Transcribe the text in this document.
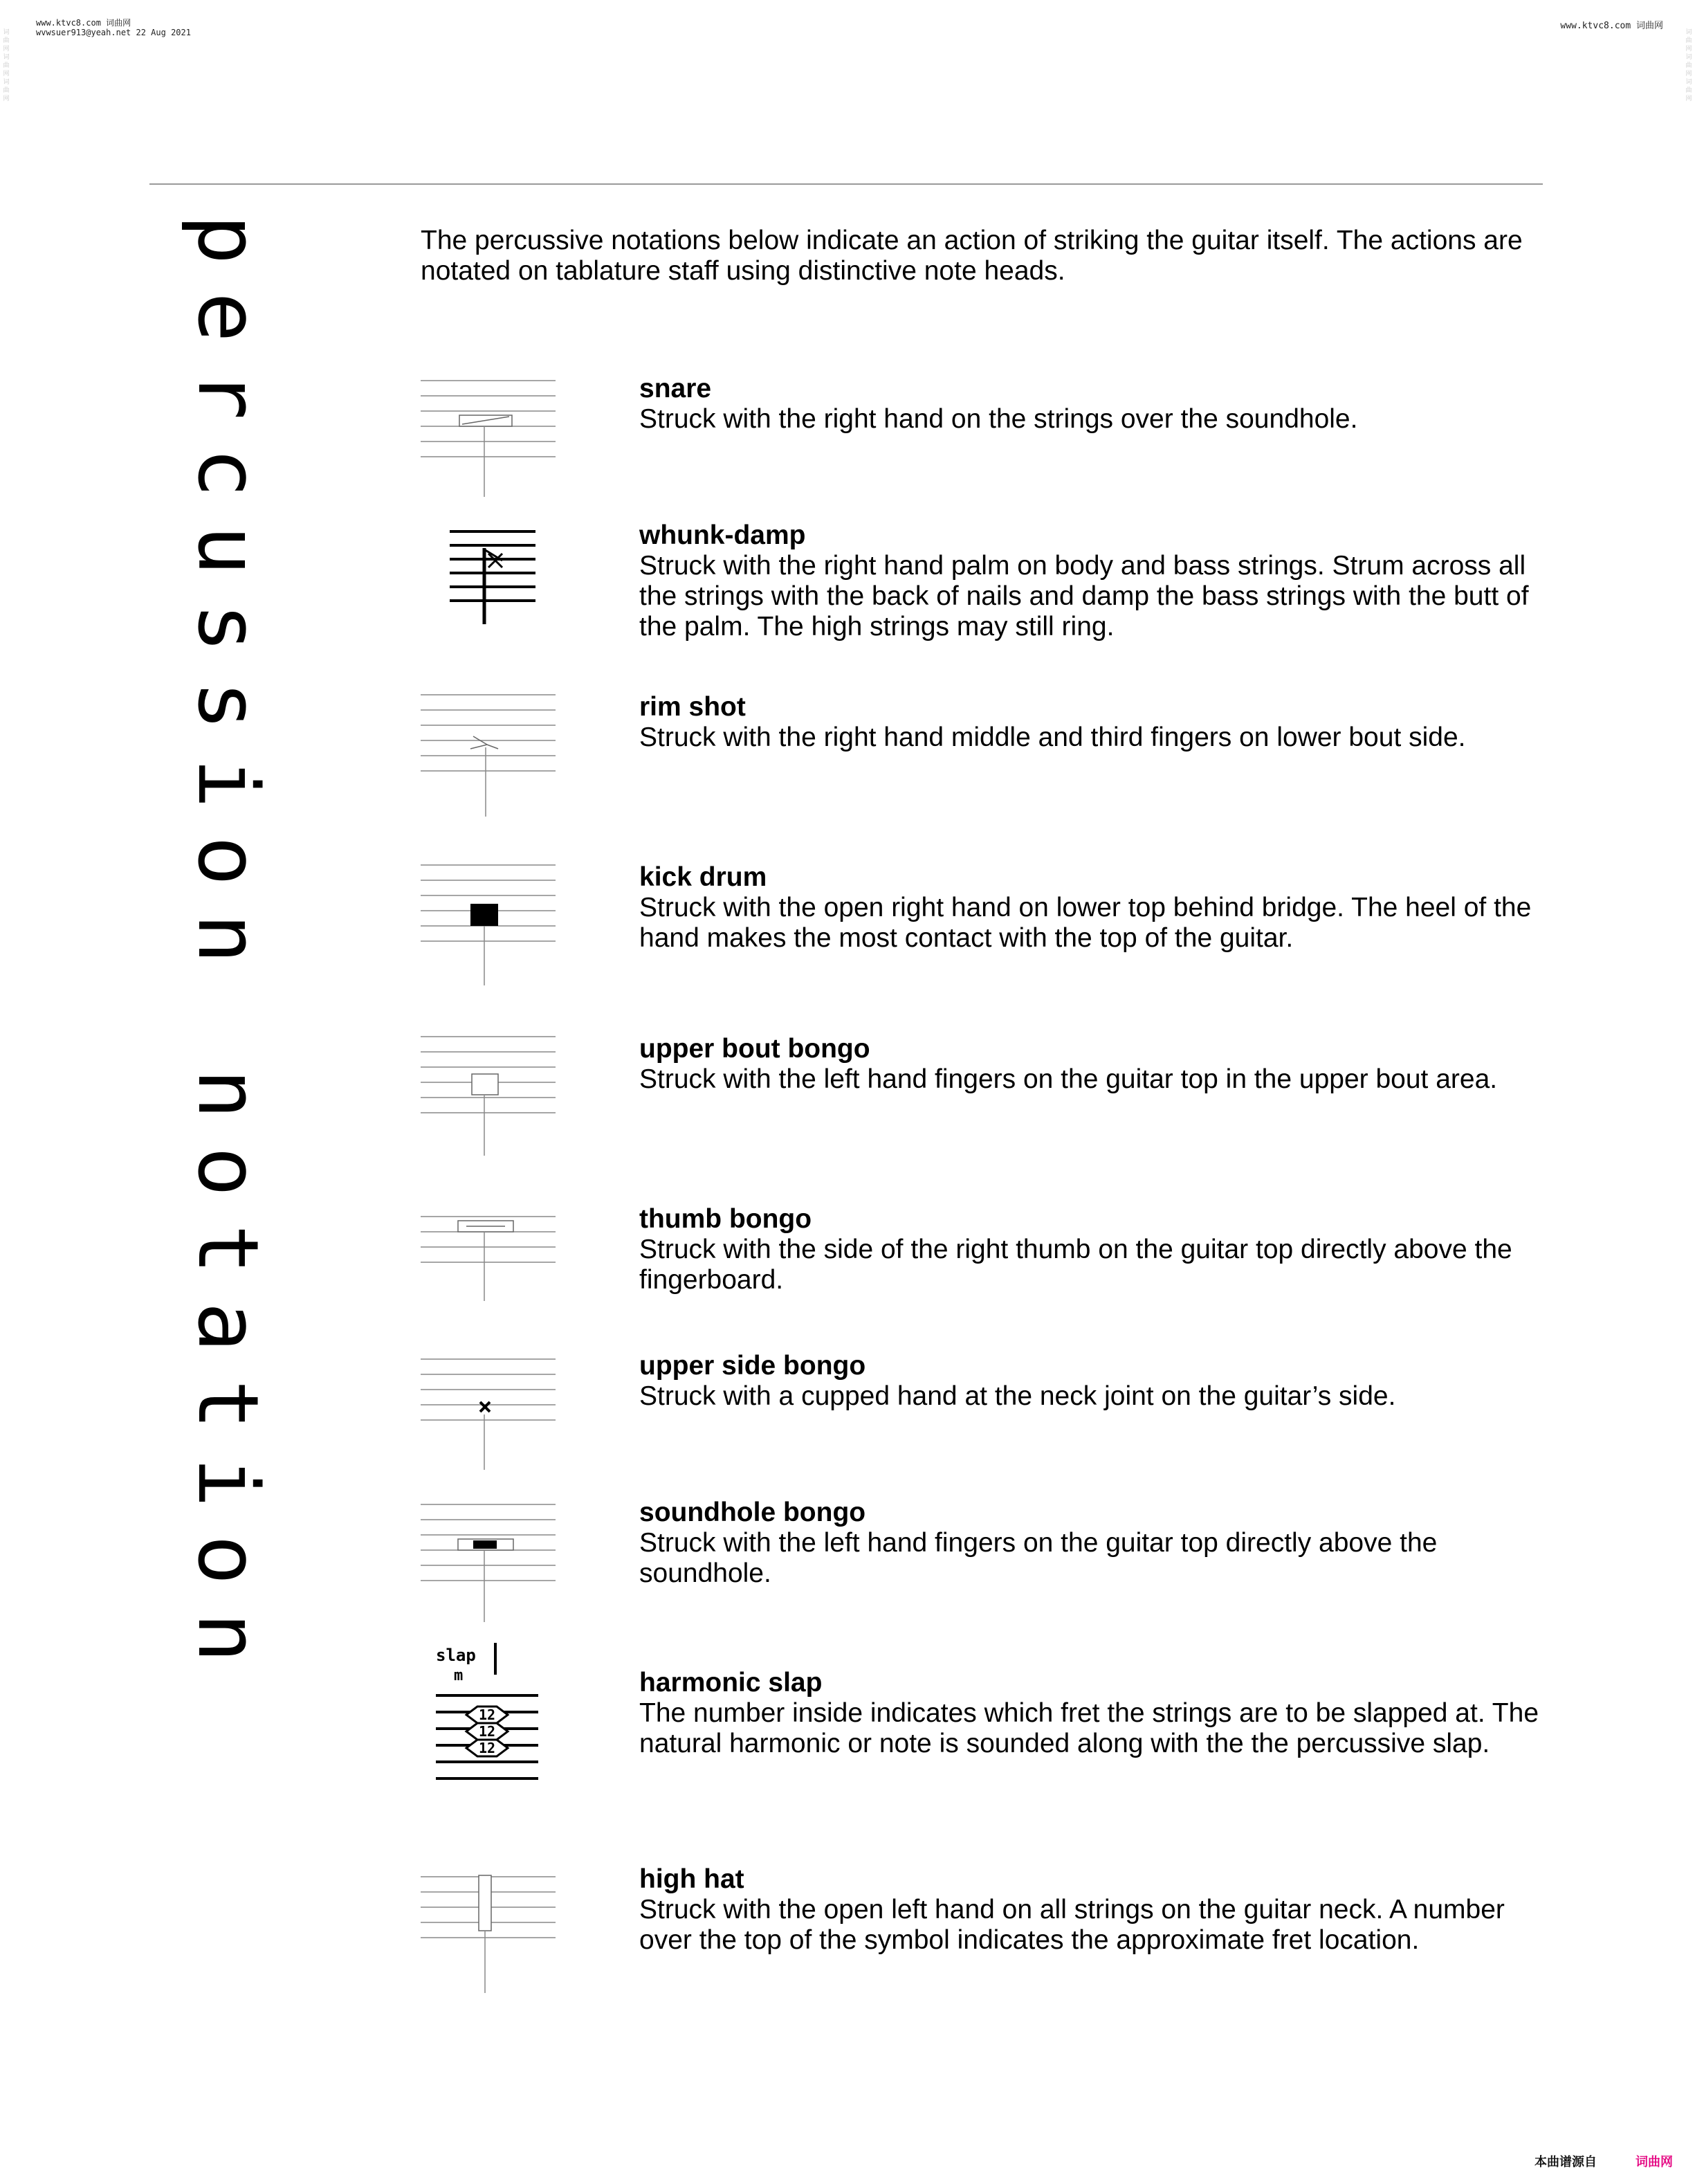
www.ktvc8.com 词曲网
wvwsuer913@yeah.net 22 Aug 2021
www.ktvc8.com 词曲网
词曲网词曲网词曲网
词曲网词曲网词曲网
percussion notation	The percussive notations below indicate an action of striking the guitar itself. The actions are notated on tablature staff using distinctive note heads.
snare
Struck with the right hand on the strings over the soundhole.
whunk-damp
Struck with the right hand palm on body and bass strings. Strum across all the strings with the back of nails and damp the bass strings with the butt of the palm. The high strings may still ring.
rim shot
Struck with the right hand middle and third fingers on lower bout side.
kick drum
Struck with the open right hand on lower top behind bridge. The heel of the hand makes the most contact with the top of the guitar.
upper bout bongo
Struck with the left hand fingers on the guitar top in the upper bout area.
thumb bongo
Struck with the side of the right thumb on the guitar top directly above the fingerboard.
upper side bongo
Struck with a cupped hand at the neck joint on the guitar’s side.
soundhole bongo
Struck with the left hand fingers on the guitar top directly above the soundhole.
slap
m
12
12
12
harmonic slap
The number inside indicates which fret the strings are to be slapped at. The natural harmonic or note is sounded along with the the percussive slap.
high hat
Struck with the open left hand on all strings on the guitar neck. A number over the top of the symbol indicates the approximate fret location.
本曲谱源自	词曲网
